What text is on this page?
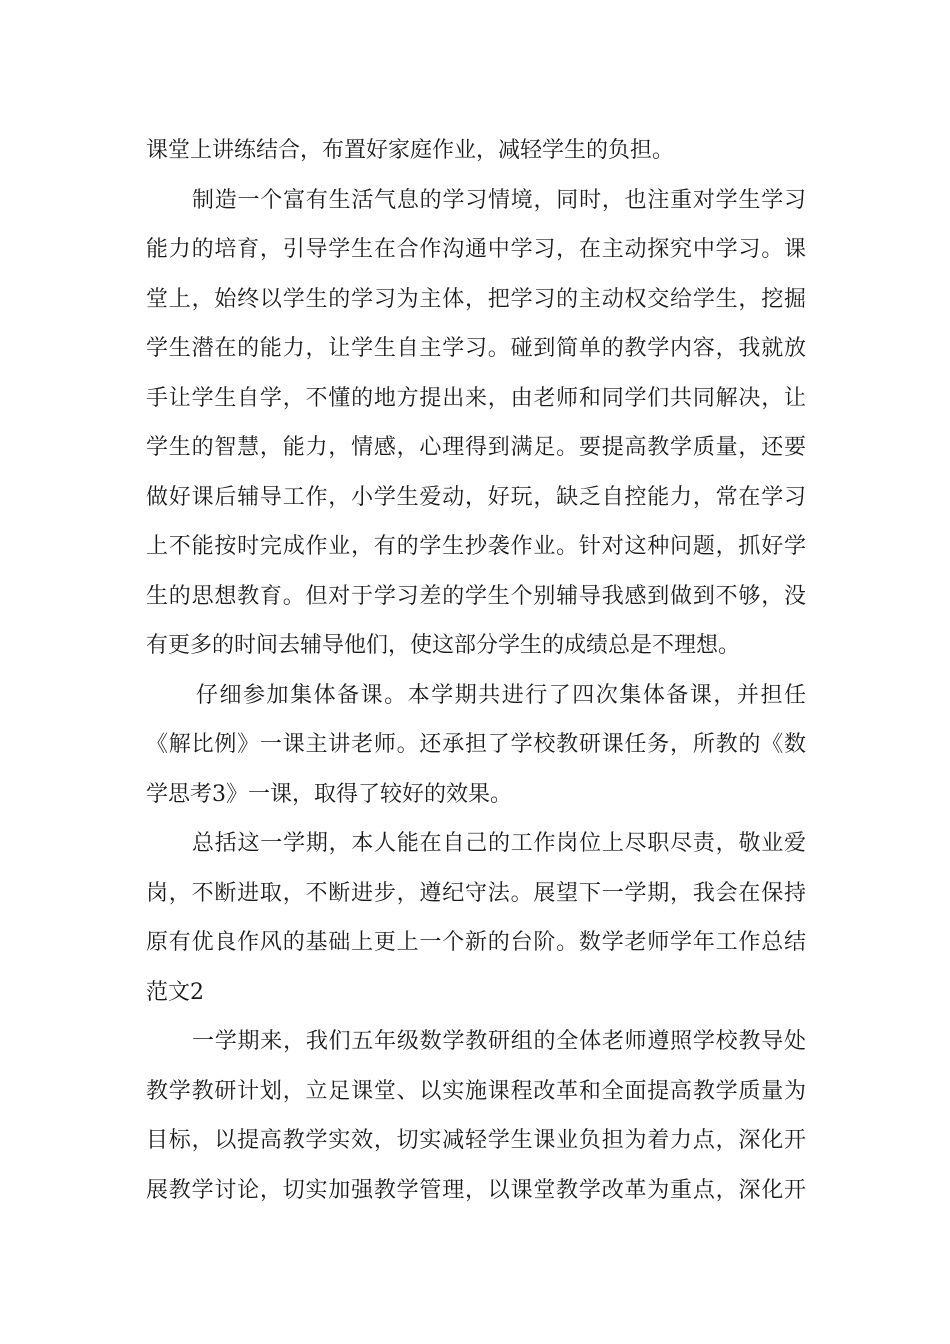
课堂上讲练结合，布置好家庭作业，减轻学生的负担。
制造一个富有生活气息的学习情境，同时，也注重对学生学习
能力的培育，引导学生在合作沟通中学习，在主动探究中学习。课
堂上，始终以学生的学习为主体，把学习的主动权交给学生，挖掘
学生潜在的能力，让学生自主学习。碰到简单的教学内容，我就放
手让学生自学，不懂的地方提出来，由老师和同学们共同解决，让
学生的智慧，能力，情感，心理得到满足。要提高教学质量，还要
做好课后辅导工作，小学生爱动，好玩，缺乏自控能力，常在学习
上不能按时完成作业，有的学生抄袭作业。针对这种问题，抓好学
生的思想教育。但对于学习差的学生个别辅导我感到做到不够，没
有更多的时间去辅导他们，使这部分学生的成绩总是不理想。
仔细参加集体备课。本学期共进行了四次集体备课，并担任
《解比例》一课主讲老师。还承担了学校教研课任务，所教的《数
学思考3》一课，取得了较好的效果。
总括这一学期，本人能在自己的工作岗位上尽职尽责，敬业爱
岗，不断进取，不断进步，遵纪守法。展望下一学期，我会在保持
原有优良作风的基础上更上一个新的台阶。数学老师学年工作总结
范文2
一学期来，我们五年级数学教研组的全体老师遵照学校教导处
教学教研计划，立足课堂、以实施课程改革和全面提高教学质量为
目标，以提高教学实效，切实减轻学生课业负担为着力点，深化开
展教学讨论，切实加强教学管理，以课堂教学改革为重点，深化开
